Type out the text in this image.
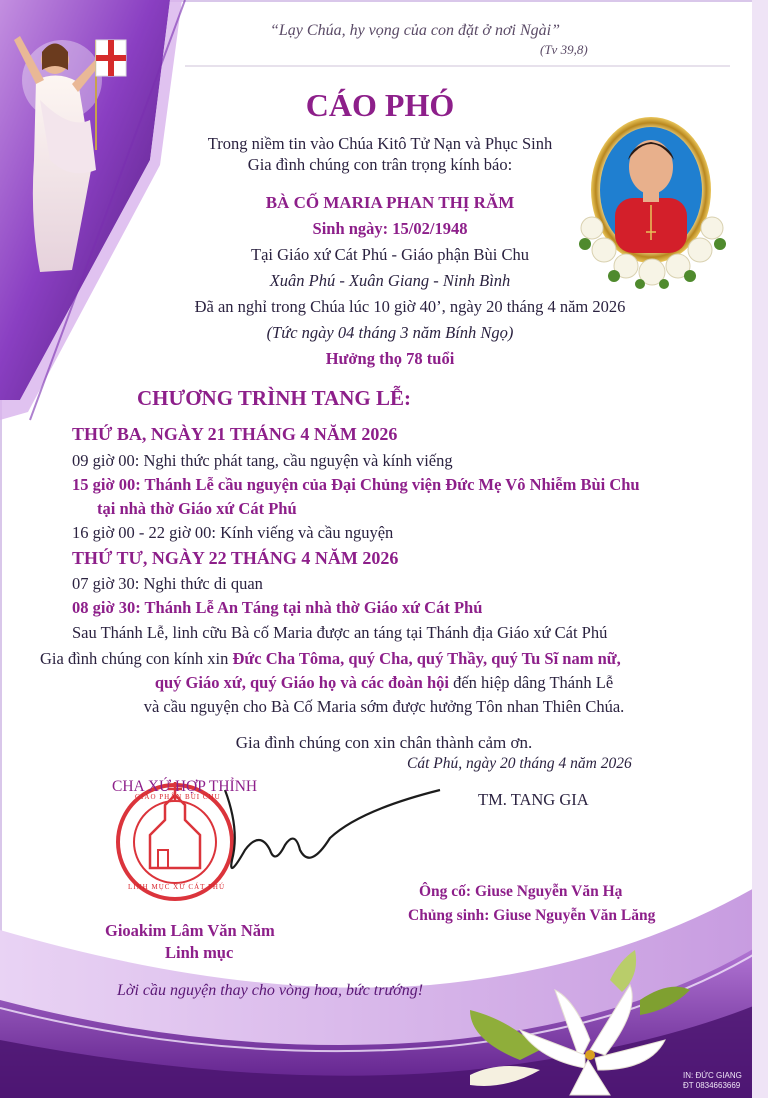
“Lạy Chúa, hy vọng của con đặt ở nơi Ngài”
(Tv 39,8)
CÁO PHÓ
Trong niềm tin vào Chúa Kitô Tử Nạn và Phục Sinh
Gia đình chúng con trân trọng kính báo:
BÀ CỐ MARIA PHAN THỊ RĂM
Sinh ngày: 15/02/1948
Tại Giáo xứ Cát Phú - Giáo phận Bùi Chu
Xuân Phú - Xuân Giang - Ninh Bình
Đã an nghỉ trong Chúa lúc 10 giờ 40’, ngày 20 tháng 4 năm 2026
(Tức ngày 04 tháng 3 năm Bính Ngọ)
Hưởng thọ 78 tuổi
CHƯƠNG TRÌNH TANG LỄ:
THỨ BA, NGÀY 21 THÁNG 4 NĂM 2026
09 giờ 00: Nghi thức phát tang, cầu nguyện và kính viếng
15 giờ 00: Thánh Lễ cầu nguyện của Đại Chủng viện Đức Mẹ Vô Nhiễm Bùi Chu
tại nhà thờ Giáo xứ Cát Phú
16 giờ 00 - 22 giờ 00: Kính viếng và cầu nguyện
THỨ TƯ, NGÀY 22 THÁNG 4 NĂM 2026
07 giờ 30: Nghi thức di quan
08 giờ 30: Thánh Lễ An Táng tại nhà thờ Giáo xứ Cát Phú
Sau Thánh Lễ, linh cữu Bà cố Maria được an táng tại Thánh địa Giáo xứ Cát Phú
Gia đình chúng con kính xin Đức Cha Tôma, quý Cha, quý Thầy, quý Tu Sĩ nam nữ,
quý Giáo xứ, quý Giáo họ và các đoàn hội đến hiệp dâng Thánh Lễ
và cầu nguyện cho Bà Cố Maria sớm được hưởng Tôn nhan Thiên Chúa.
Gia đình chúng con xin chân thành cảm ơn.
Cát Phú, ngày 20 tháng 4 năm 2026
CHA XỨ HỢP THỈNH
GIÁO PHẬN BÙI CHU
LINH MỤC XỨ CÁT PHÚ
Gioakim Lâm Văn Năm
Linh mục
TM. TANG GIA
Ông cố: Giuse Nguyễn Văn Hạ
Chủng sinh: Giuse Nguyễn Văn Lăng
Lời cầu nguyện thay cho vòng hoa, bức trướng!
IN: ĐỨC GIANG
ĐT 0834663669
